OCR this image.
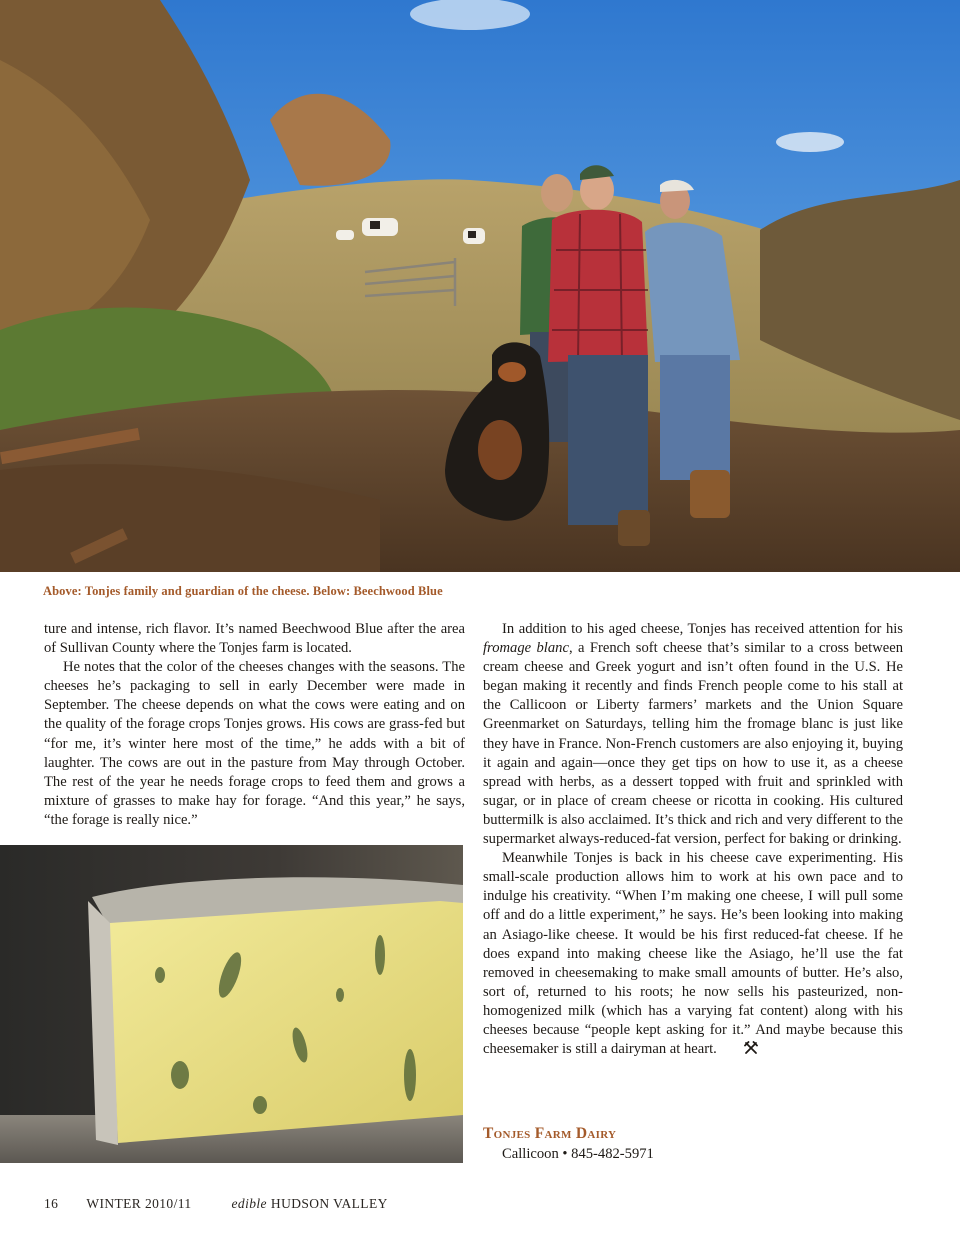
Above: Tonjes family and guardian of the cheese. Below: Beechwood Blue

ture and intense, rich flavor. It’s named Beechwood Blue after the area of Sullivan County where the Tonjes farm is located.

He notes that the color of the cheeses changes with the seasons. The cheeses he’s packaging to sell in early December were made in September. The cheese depends on what the cows were eating and on the quality of the forage crops Tonjes grows. His cows are grass-fed but “for me, it’s winter here most of the time,” he adds with a bit of laughter. The cows are out in the pasture from May through October. The rest of the year he needs forage crops to feed them and grows a mixture of grasses to make hay for forage. “And this year,” he says, “the forage is really nice.”

In addition to his aged cheese, Tonjes has received attention for his fromage blanc, a French soft cheese that’s similar to a cross between cream cheese and Greek yogurt and isn’t often found in the U.S. He began making it recently and finds French people come to his stall at the Callicoon or Liberty farmers’ markets and the Union Square Greenmarket on Saturdays, telling him the fromage blanc is just like they have in France. Non-French customers are also enjoying it, buying it again and again—once they get tips on how to use it, as a cheese spread with herbs, as a dessert topped with fruit and sprinkled with sugar, or in place of cream cheese or ricotta in cooking. His cultured buttermilk is also acclaimed. It’s thick and rich and very different to the supermarket always-reduced-fat version, perfect for baking or drinking.

Meanwhile Tonjes is back in his cheese cave experimenting. His small-scale production allows him to work at his own pace and to indulge his creativity. “When I’m making one cheese, I will pull some off and do a little experiment,” he says. He’s been looking into making an Asiago-like cheese. It would be his first reduced-fat cheese. If he does expand into making cheese like the Asiago, he’ll use the fat removed in cheesemaking to make small amounts of butter. He’s also, sort of, returned to his roots; he now sells his pasteurized, non-homogenized milk (which has a varying fat content) along with his cheeses because “people kept asking for it.” And maybe because this cheesemaker is still a dairyman at heart.

Tonjes Farm Dairy
Callicoon • 845-482-5971
16 WINTER 2010/11	edible HUDSON VALLEY
